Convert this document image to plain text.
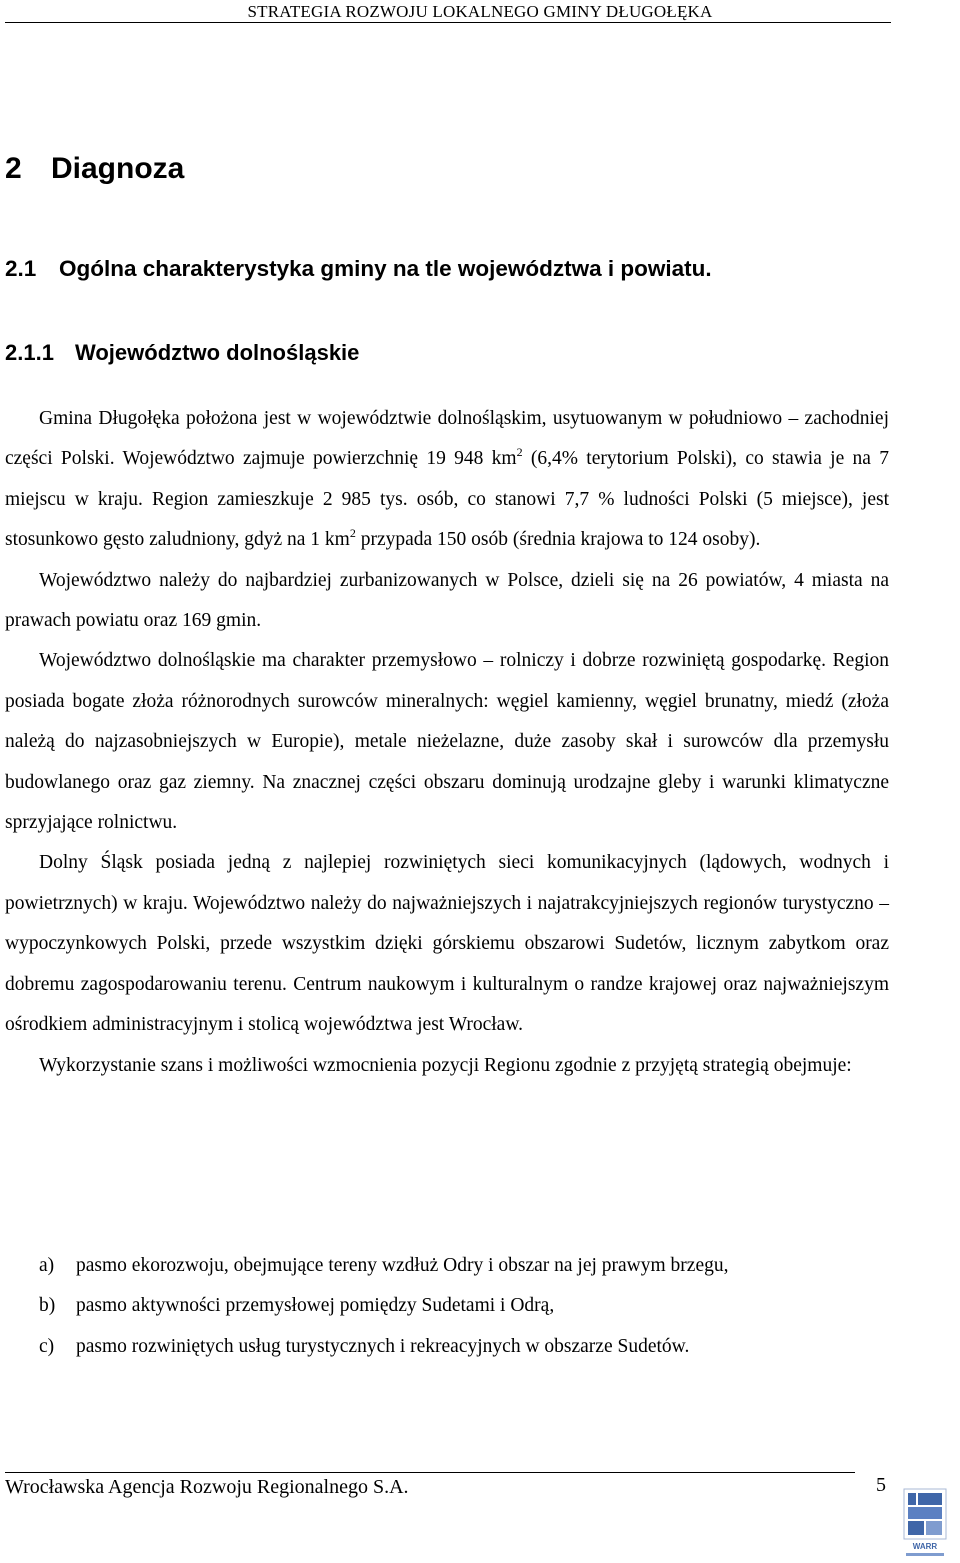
STRATEGIA ROZWOJU LOKALNEGO GMINY DŁUGOŁĘKA
2 Diagnoza
2.1 Ogólna charakterystyka gminy na tle województwa i powiatu.
2.1.1 Województwo dolnośląskie

Gmina Długołęka położona jest w województwie dolnośląskim, usytuowanym w południowo – zachodniej części Polski. Województwo zajmuje powierzchnię 19 948 $km^2$ (6,4% terytorium Polski), co stawia je na 7 miejscu w kraju. Region zamieszkuje 2 985 tys. osób, co stanowi 7,7 % ludności Polski (5 miejsce), jest stosunkowo gęsto zaludniony, gdyż na 1 $km^2$ przypada 150 osób (średnia krajowa to 124 osoby).

Województwo należy do najbardziej zurbanizowanych w Polsce, dzieli się na 26 powiatów, 4 miasta na prawach powiatu oraz 169 gmin.

Województwo dolnośląskie ma charakter przemysłowo – rolniczy i dobrze rozwiniętą gospodarkę. Region posiada bogate złoża różnorodnych surowców mineralnych: węgiel kamienny, węgiel brunatny, miedź (złoża należą do najzasobniejszych w Europie), metale nieżelazne, duże zasoby skał i surowców dla przemysłu budowlanego oraz gaz ziemny. Na znacznej części obszaru dominują urodzajne gleby i warunki klimatyczne sprzyjające rolnictwu.

Dolny Śląsk posiada jedną z najlepiej rozwiniętych sieci komunikacyjnych (lądowych, wodnych i powietrznych) w kraju. Województwo należy do najważniejszych i najatrakcyjniejszych regionów turystyczno – wypoczynkowych Polski, przede wszystkim dzięki górskiemu obszarowi Sudetów, licznym zabytkom oraz dobremu zagospodarowaniu terenu. Centrum naukowym i kulturalnym o randze krajowej oraz najważniejszym ośrodkiem administracyjnym i stolicą województwa jest Wrocław.

Wykorzystanie szans i możliwości wzmocnienia pozycji Regionu zgodnie z przyjętą strategią obejmuje:

a) pasmo ekorozwoju, obejmujące tereny wzdłuż Odry i obszar na jej prawym brzegu,
b) pasmo aktywności przemysłowej pomiędzy Sudetami i Odrą,
c) pasmo rozwiniętych usług turystycznych i rekreacyjnych w obszarze Sudetów.
Wrocławska Agencja Rozwoju Regionalnego S.A.	5
WARR
